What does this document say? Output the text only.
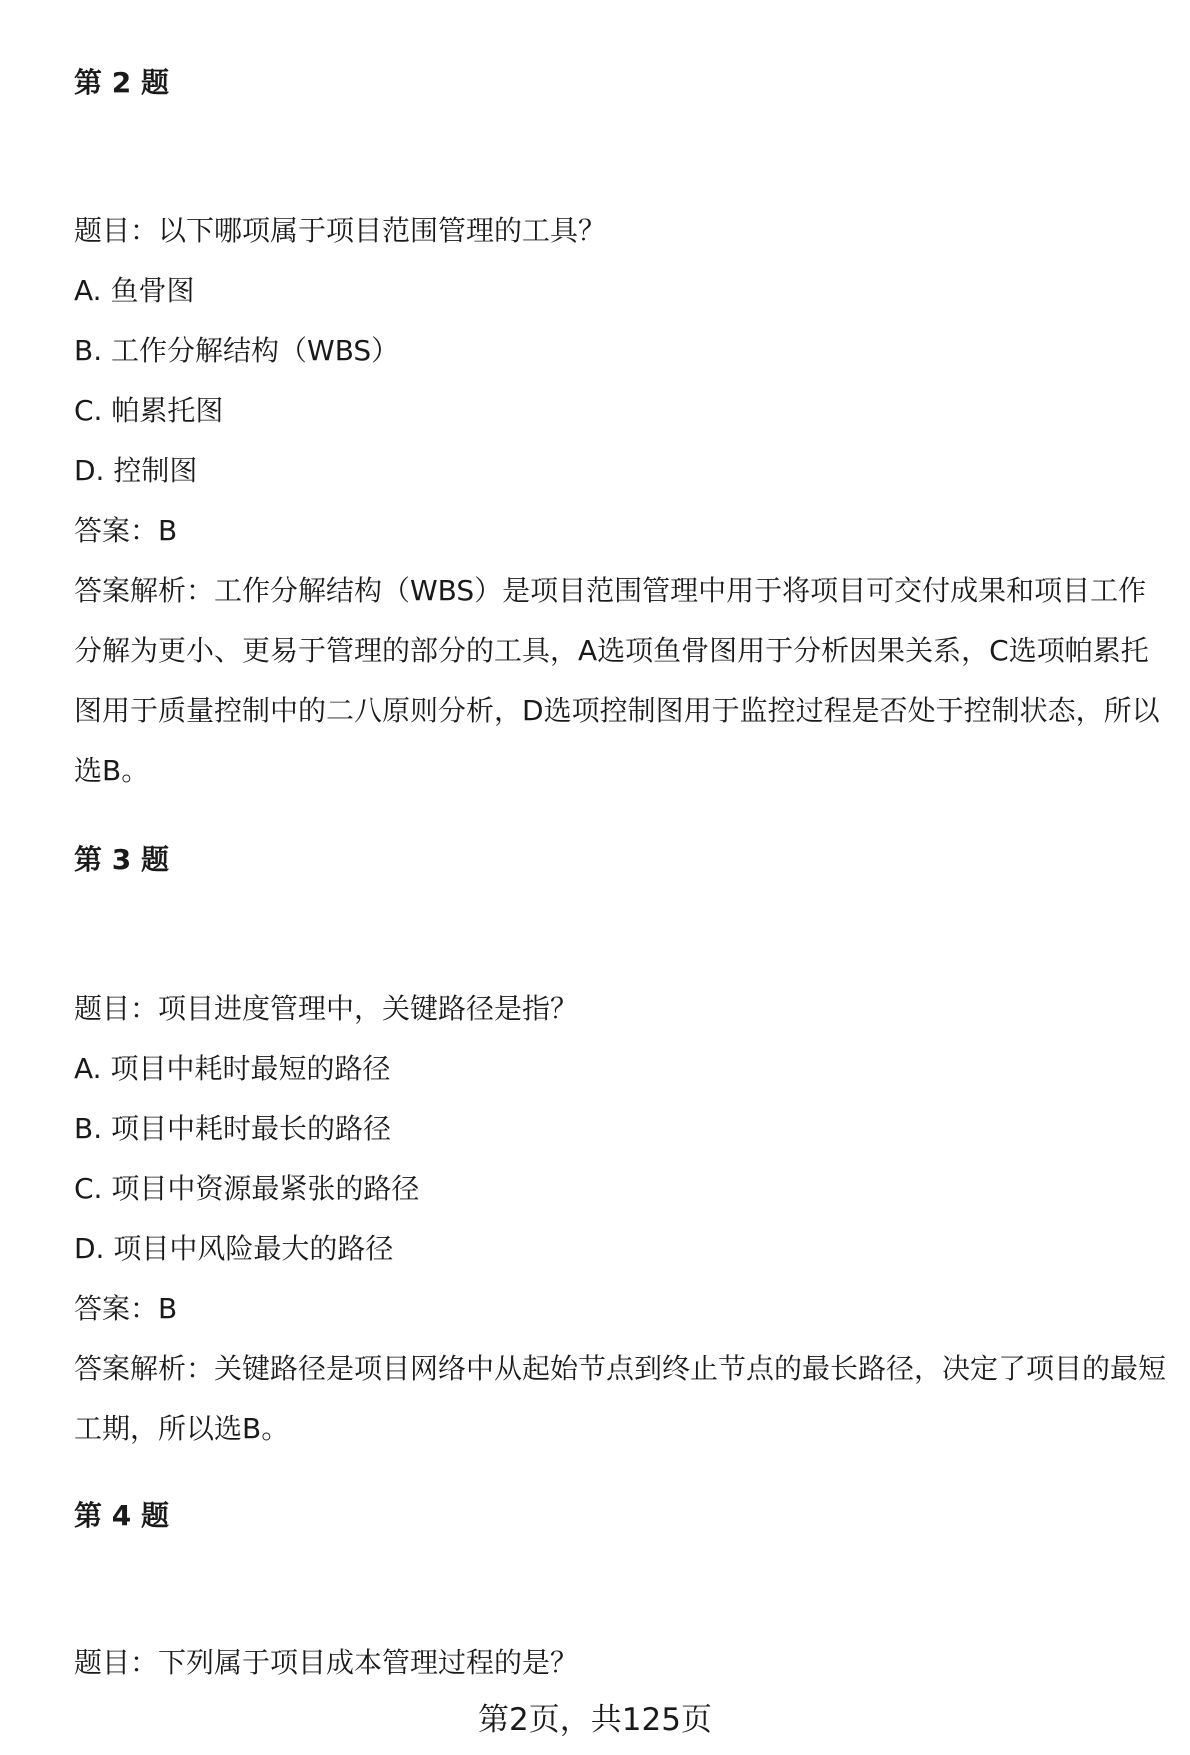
第 2 题
题目：以下哪项属于项目范围管理的工具？
A. 鱼骨图
B. 工作分解结构（WBS）
C. 帕累托图
D. 控制图
答案：B
答案解析：工作分解结构（WBS）是项目范围管理中用于将项目可交付成果和项目工作分解为更小、更易于管理的部分的工具，A选项鱼骨图用于分析因果关系，C选项帕累托图用于质量控制中的二八原则分析，D选项控制图用于监控过程是否处于控制状态，所以选B。
第 3 题
题目：项目进度管理中，关键路径是指？
A. 项目中耗时最短的路径
B. 项目中耗时最长的路径
C. 项目中资源最紧张的路径
D. 项目中风险最大的路径
答案：B
答案解析：关键路径是项目网络中从起始节点到终止节点的最长路径，决定了项目的最短工期，所以选B。
第 4 题
题目：下列属于项目成本管理过程的是？
第2页，共125页
